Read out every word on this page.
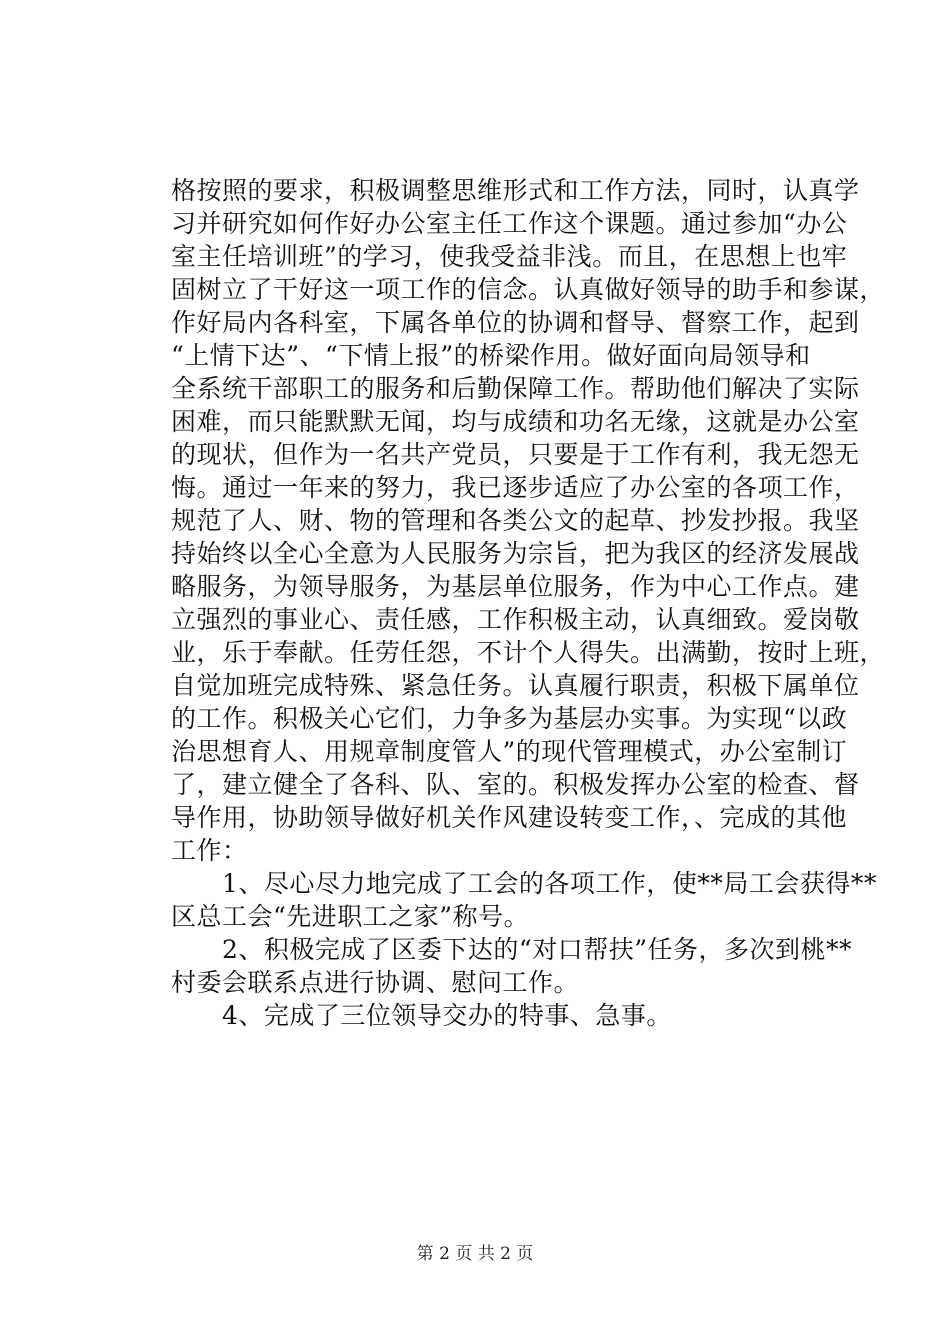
格按照的要求，积极调整思维形式和工作方法，同时，认真学
习并研究如何作好办公室主任工作这个课题。通过参加“办公
室主任培训班”的学习，使我受益非浅。而且，在思想上也牢
固树立了干好这一项工作的信念。认真做好领导的助手和参谋，
作好局内各科室，下属各单位的协调和督导、督察工作，起到
“上情下达”、“下情上报”的桥梁作用。做好面向局领导和
全系统干部职工的服务和后勤保障工作。帮助他们解决了实际
困难，而只能默默无闻，均与成绩和功名无缘，这就是办公室
的现状，但作为一名共产党员，只要是于工作有利，我无怨无
悔。通过一年来的努力，我已逐步适应了办公室的各项工作，
规范了人、财、物的管理和各类公文的起草、抄发抄报。我坚
持始终以全心全意为人民服务为宗旨，把为我区的经济发展战
略服务，为领导服务，为基层单位服务，作为中心工作点。建
立强烈的事业心、责任感，工作积极主动，认真细致。爱岗敬
业，乐于奉献。任劳任怨，不计个人得失。出满勤，按时上班，
自觉加班完成特殊、紧急任务。认真履行职责，积极下属单位
的工作。积极关心它们，力争多为基层办实事。为实现“以政
治思想育人、用规章制度管人”的现代管理模式，办公室制订
了，建立健全了各科、队、室的。积极发挥办公室的检查、督
导作用，协助领导做好机关作风建设转变工作，、完成的其他
工作：
　　1、尽心尽力地完成了工会的各项工作，使**局工会获得**
区总工会“先进职工之家”称号。
　　2、积极完成了区委下达的“对口帮扶”任务，多次到桃**
村委会联系点进行协调、慰问工作。
　　4、完成了三位领导交办的特事、急事。
第 2 页 共 2 页
